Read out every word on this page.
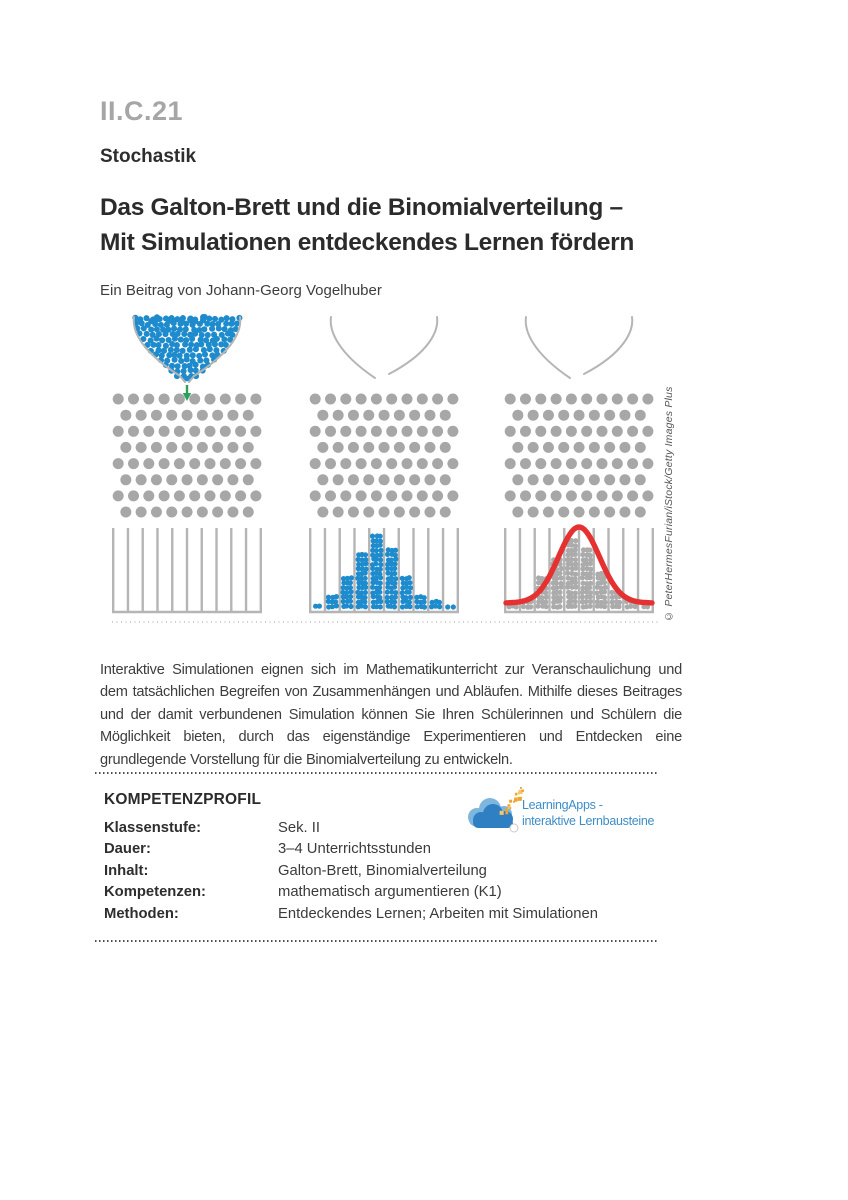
II.C.21
Stochastik
Das Galton-Brett und die Binomialverteilung –
Mit Simulationen entdeckendes Lernen fördern
Ein Beitrag von Johann-Georg Vogelhuber
© PeterHermesFurian/iStock/Getty Images Plus

Interaktive Simulationen eignen sich im Mathematikunterricht zur Veranschaulichung und dem tatsächlichen Begreifen von Zusammenhängen und Abläufen. Mithilfe dieses Beitrages und der damit verbundenen Simulation können Sie Ihren Schülerinnen und Schülern die Möglichkeit bieten, durch das eigenständige Experimentieren und Entdecken eine grundlegende Vorstellung für die Binomialverteilung zu entwickeln.

KOMPETENZPROFIL
Klassenstufe:	Sek. II
Dauer:	3–4 Unterrichtsstunden
Inhalt:	Galton-Brett, Binomialverteilung
Kompetenzen:	mathematisch argumentieren (K1)
Methoden:	Entdeckendes Lernen; Arbeiten mit Simulationen
LearningApps -
interaktive Lernbausteine
